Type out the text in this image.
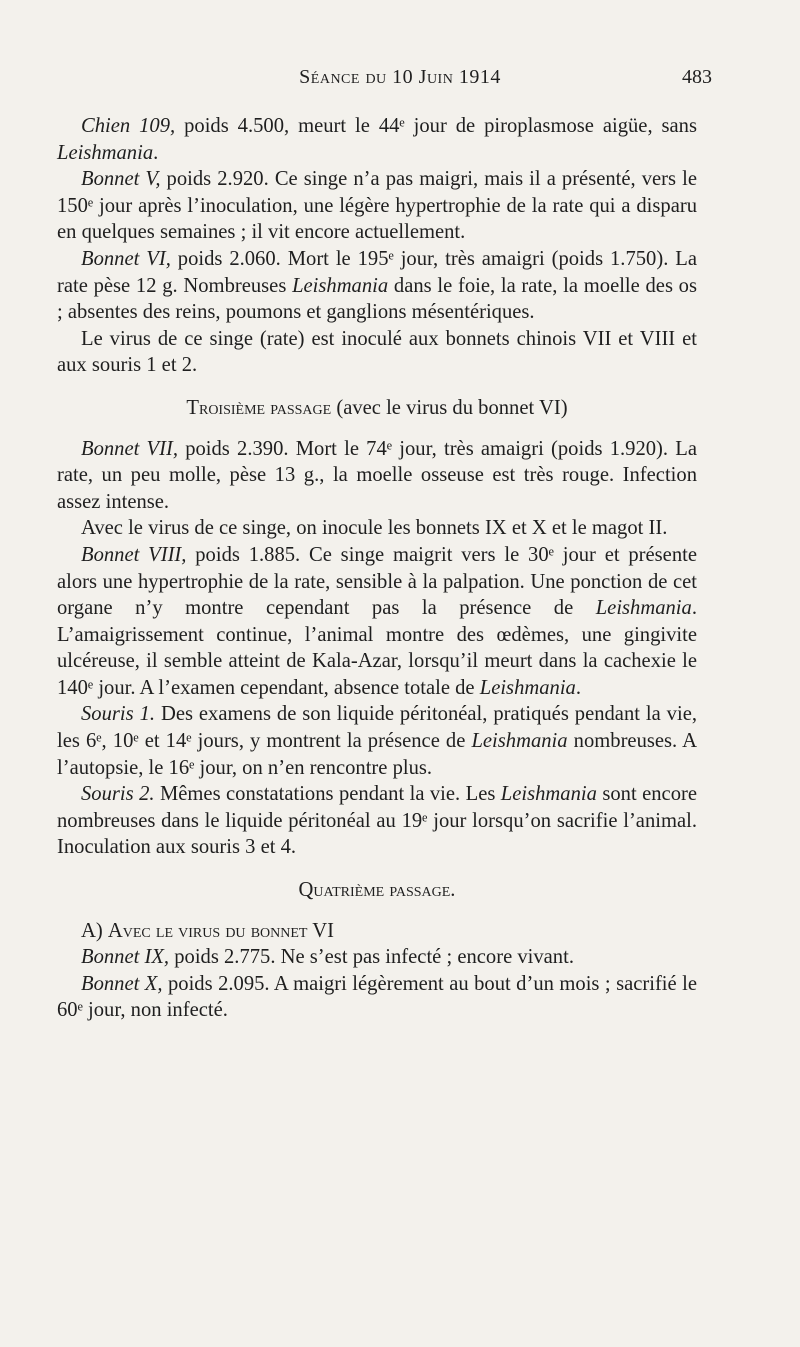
Séance du 10 Juin 1914	483

Chien 109, poids 4.500, meurt le 44ᵉ jour de piroplasmose aigüe, sans Leishmania.

Bonnet V, poids 2.920. Ce singe n’a pas maigri, mais il a présenté, vers le 150ᵉ jour après l’inoculation, une légère hypertrophie de la rate qui a disparu en quelques semaines ; il vit encore actuellement.

Bonnet VI, poids 2.060. Mort le 195ᵉ jour, très amaigri (poids 1.750). La rate pèse 12 g. Nombreuses Leishmania dans le foie, la rate, la moelle des os ; absentes des reins, poumons et ganglions mésentériques.

Le virus de ce singe (rate) est inoculé aux bonnets chinois VII et VIII et aux souris 1 et 2.

Troisième passage (avec le virus du bonnet VI)

Bonnet VII, poids 2.390. Mort le 74ᵉ jour, très amaigri (poids 1.920). La rate, un peu molle, pèse 13 g., la moelle osseuse est très rouge. Infection assez intense.

Avec le virus de ce singe, on inocule les bonnets IX et X et le magot II.

Bonnet VIII, poids 1.885. Ce singe maigrit vers le 30ᵉ jour et présente alors une hypertrophie de la rate, sensible à la palpation. Une ponction de cet organe n’y montre cependant pas la présence de Leishmania. L’amaigrissement continue, l’animal montre des œdèmes, une gingivite ulcéreuse, il semble atteint de Kala-Azar, lorsqu’il meurt dans la cachexie le 140ᵉ jour. A l’examen cependant, absence totale de Leishmania.

Souris 1. Des examens de son liquide péritonéal, pratiqués pendant la vie, les 6ᵉ, 10ᵉ et 14ᵉ jours, y montrent la présence de Leishmania nombreuses. A l’autopsie, le 16ᵉ jour, on n’en rencontre plus.

Souris 2. Mêmes constatations pendant la vie. Les Leishmania sont encore nombreuses dans le liquide péritonéal au 19ᵉ jour lorsqu’on sacrifie l’animal. Inoculation aux souris 3 et 4.

Quatrième passage.

A) Avec le virus du bonnet VI

Bonnet IX, poids 2.775. Ne s’est pas infecté ; encore vivant.

Bonnet X, poids 2.095. A maigri légèrement au bout d’un mois ; sacrifié le 60ᵉ jour, non infecté.
